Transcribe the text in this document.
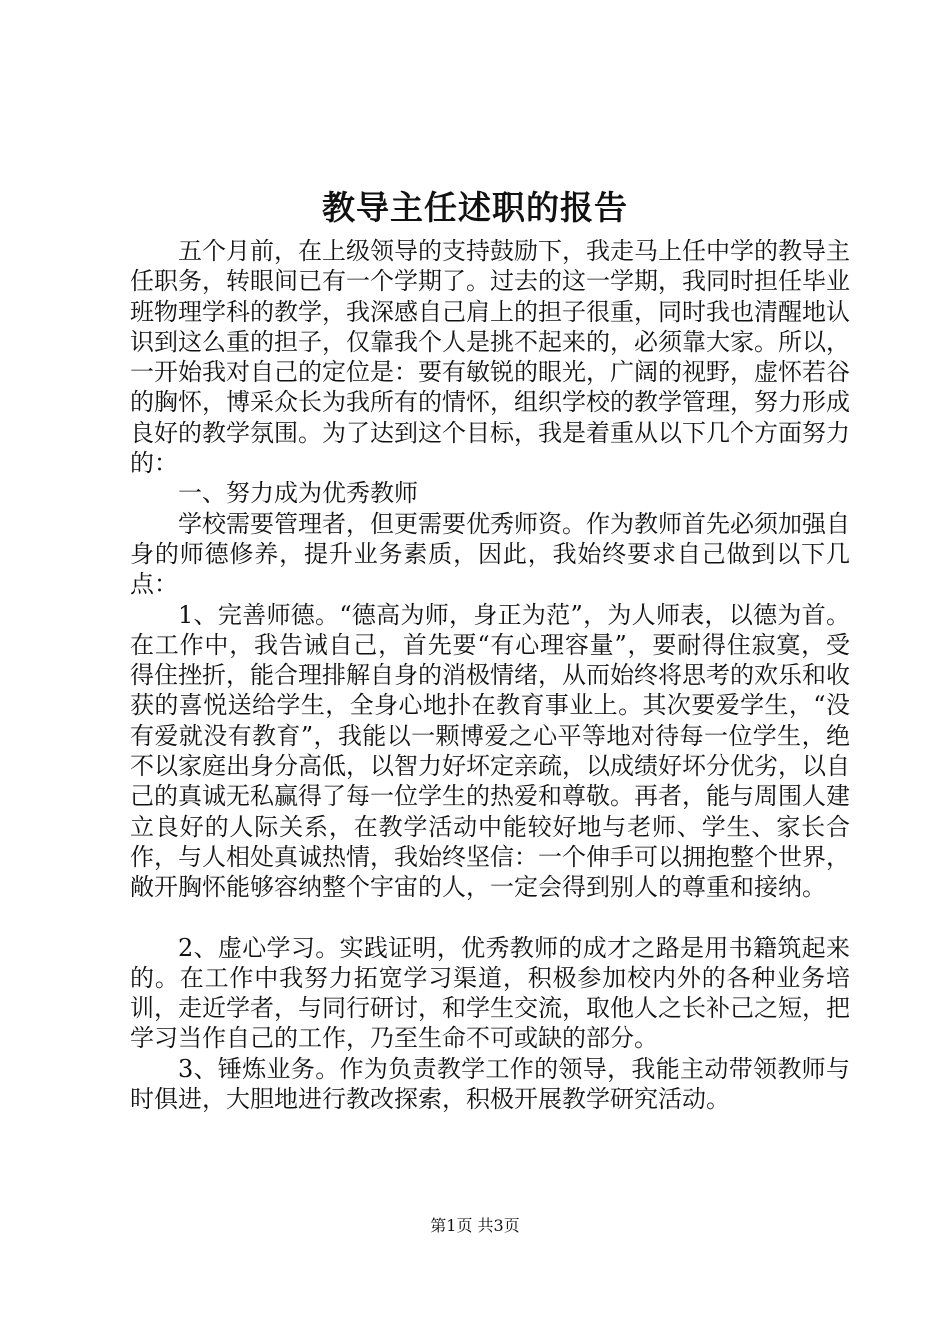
教导主任述职的报告

五个月前，在上级领导的支持鼓励下，我走马上任中学的教导主任职务，转眼间已有一个学期了。过去的这一学期，我同时担任毕业班物理学科的教学，我深感自己肩上的担子很重，同时我也清醒地认识到这么重的担子，仅靠我个人是挑不起来的，必须靠大家。所以，一开始我对自己的定位是：要有敏锐的眼光，广阔的视野，虚怀若谷的胸怀，博采众长为我所有的情怀，组织学校的教学管理，努力形成良好的教学氛围。为了达到这个目标，我是着重从以下几个方面努力的：

一、努力成为优秀教师

学校需要管理者，但更需要优秀师资。作为教师首先必须加强自身的师德修养，提升业务素质，因此，我始终要求自己做到以下几点：

1、完善师德。“德高为师，身正为范”，为人师表，以德为首。在工作中，我告诫自己，首先要“有心理容量”，要耐得住寂寞，受得住挫折，能合理排解自身的消极情绪，从而始终将思考的欢乐和收获的喜悦送给学生，全身心地扑在教育事业上。其次要爱学生，“没有爱就没有教育”，我能以一颗博爱之心平等地对待每一位学生，绝不以家庭出身分高低，以智力好坏定亲疏，以成绩好坏分优劣，以自己的真诚无私赢得了每一位学生的热爱和尊敬。再者，能与周围人建立良好的人际关系，在教学活动中能较好地与老师、学生、家长合作，与人相处真诚热情，我始终坚信：一个伸手可以拥抱整个世界，敞开胸怀能够容纳整个宇宙的人，一定会得到别人的尊重和接纳。

2、虚心学习。实践证明，优秀教师的成才之路是用书籍筑起来的。在工作中我努力拓宽学习渠道，积极参加校内外的各种业务培训，走近学者，与同行研讨，和学生交流，取他人之长补己之短，把学习当作自己的工作，乃至生命不可或缺的部分。

3、锤炼业务。作为负责教学工作的领导，我能主动带领教师与时俱进，大胆地进行教改探索，积极开展教学研究活动。

第1页 共3页
